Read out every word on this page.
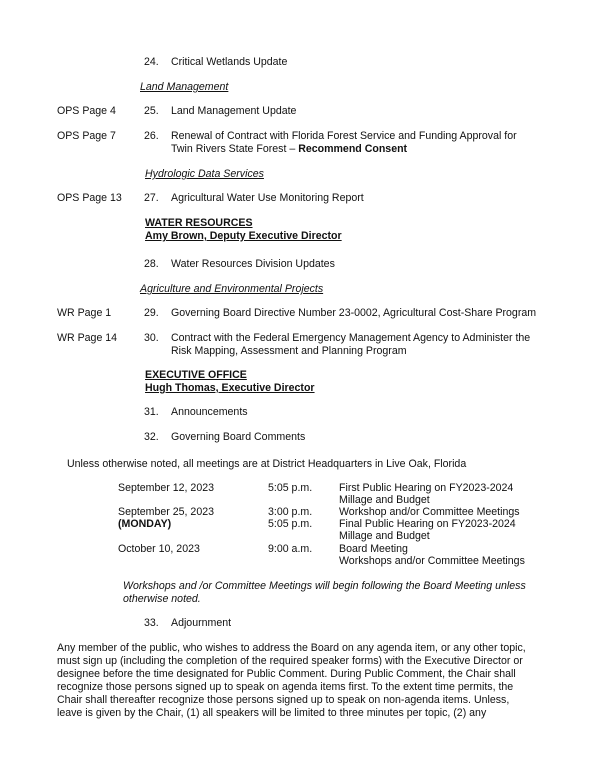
24. Critical Wetlands Update
Land Management
OPS Page 4	25. Land Management Update
OPS Page 7	26. Renewal of Contract with Florida Forest Service and Funding Approval for
Twin Rivers State Forest – Recommend Consent
Hydrologic Data Services
OPS Page 13 27. Agricultural Water Use Monitoring Report
WATER RESOURCES
Amy Brown, Deputy Executive Director
28. Water Resources Division Updates
Agriculture and Environmental Projects
WR Page 1	29. Governing Board Directive Number 23-0002, Agricultural Cost-Share Program
WR Page 14	30. Contract with the Federal Emergency Management Agency to Administer the
Risk Mapping, Assessment and Planning Program
EXECUTIVE OFFICE
Hugh Thomas, Executive Director
31. Announcements
32. Governing Board Comments
Unless otherwise noted, all meetings are at District Headquarters in Live Oak, Florida
September 12, 2023	5:05 p.m.	First Public Hearing on FY2023-2024
Millage and Budget
September 25, 2023	3:00 p.m.	Workshop and/or Committee Meetings
(MONDAY)	5:05 p.m.	Final Public Hearing on FY2023-2024
Millage and Budget
October 10, 2023	9:00 a.m.	Board Meeting
Workshops and/or Committee Meetings
Workshops and /or Committee Meetings will begin following the Board Meeting unless
otherwise noted.
33. Adjournment
Any member of the public, who wishes to address the Board on any agenda item, or any other topic,
must sign up (including the completion of the required speaker forms) with the Executive Director or
designee before the time designated for Public Comment. During Public Comment, the Chair shall
recognize those persons signed up to speak on agenda items first. To the extent time permits, the
Chair shall thereafter recognize those persons signed up to speak on non-agenda items. Unless,
leave is given by the Chair, (1) all speakers will be limited to three minutes per topic, (2) any
